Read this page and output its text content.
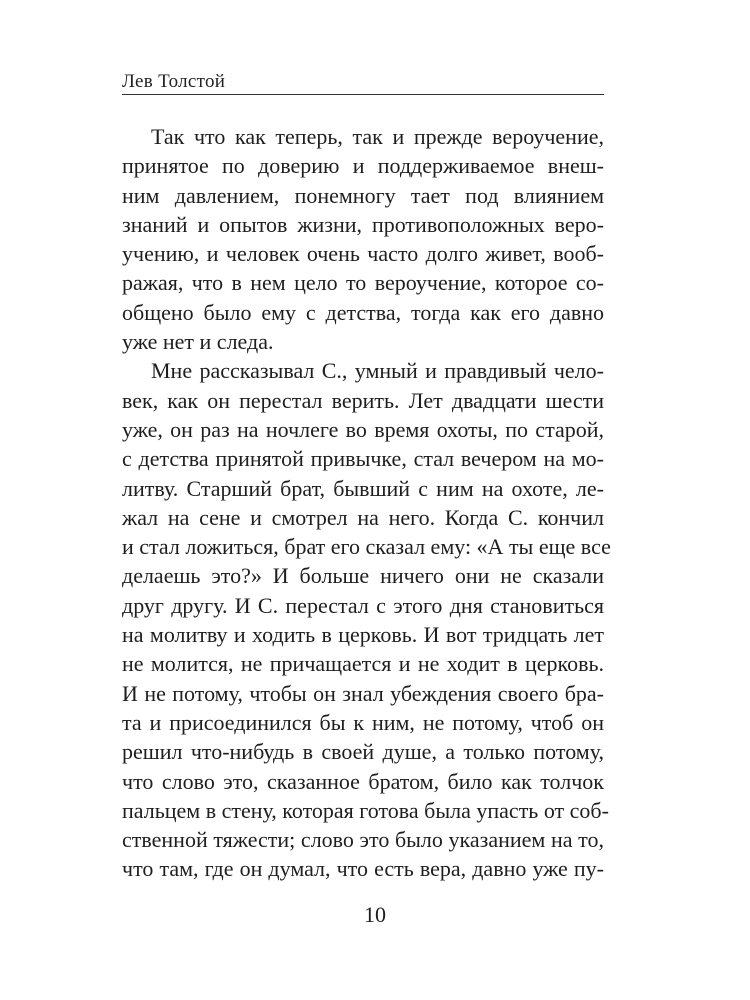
Лев Толстой
Так что как теперь, так и прежде вероучение,
принятое по доверию и поддерживаемое внеш-
ним давлением, понемногу тает под влиянием
знаний и опытов жизни, противоположных веро-
учению, и человек очень часто долго живет, вооб-
ражая, что в нем цело то вероучение, которое со-
общено было ему с детства, тогда как его давно
уже нет и следа.
Мне рассказывал С., умный и правдивый чело-
век, как он перестал верить. Лет двадцати шести
уже, он раз на ночлеге во время охоты, по старой,
с детства принятой привычке, стал вечером на мо-
литву. Старший брат, бывший с ним на охоте, ле-
жал на сене и смотрел на него. Когда С. кончил
и стал ложиться, брат его сказал ему: «А ты еще все
делаешь это?» И больше ничего они не сказали
друг другу. И С. перестал с этого дня становиться
на молитву и ходить в церковь. И вот тридцать лет
не молится, не причащается и не ходит в церковь.
И не потому, чтобы он знал убеждения своего бра-
та и присоединился бы к ним, не потому, чтоб он
решил что-нибудь в своей душе, а только потому,
что слово это, сказанное братом, било как толчок
пальцем в стену, которая готова была упасть от соб-
ственной тяжести; слово это было указанием на то,
что там, где он думал, что есть вера, давно уже пу-
10
